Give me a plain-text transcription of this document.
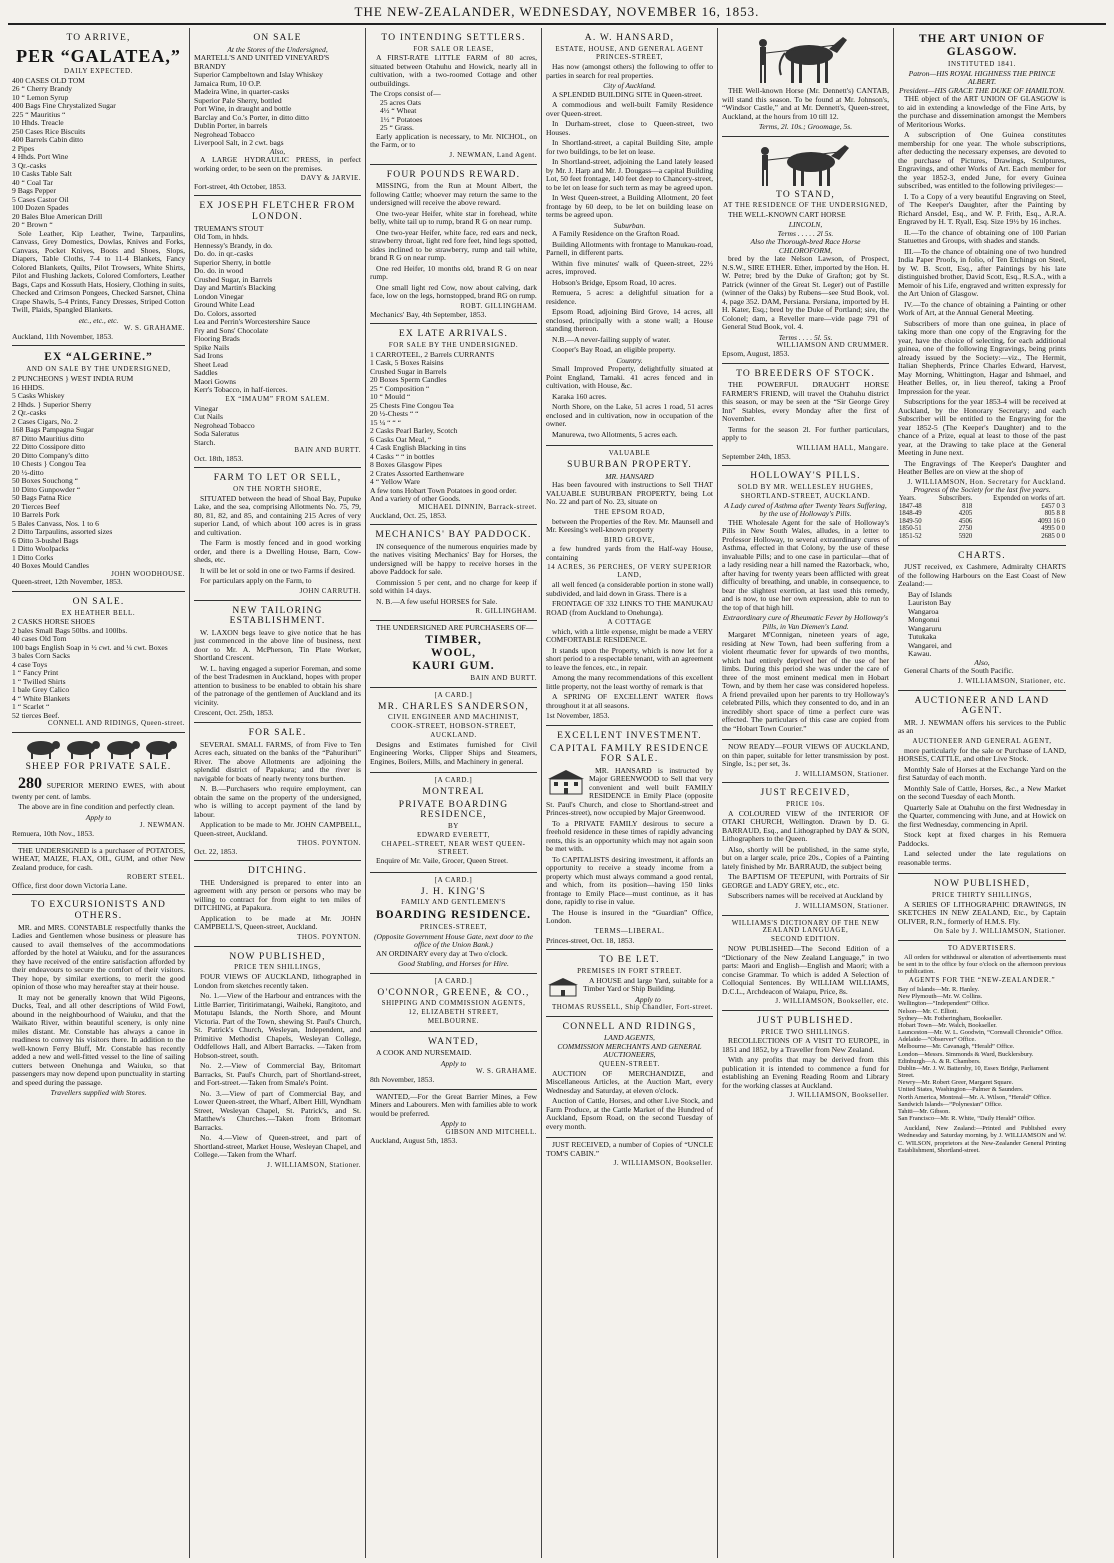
THE NEW-ZEALANDER, WEDNESDAY, NOVEMBER 16, 1853.
TO ARRIVE,
PER “GALATEA,”
DAILY EXPECTED.
400 CASES OLD TOM
26 “ Cherry Brandy
10 “ Lemon Syrup
400 Bags Fine Chrystalized Sugar
225 “ Mauritius “
10 Hhds. Treacle
250 Cases Rice Biscuits
400 Barrels Cabin ditto
2 Pipes
4 Hhds. Port Wine
3 Qr.-casks
10 Casks Table Salt
40 “ Coal Tar
9 Bags Pepper
5 Cases Castor Oil
100 Dozen Spades
20 Bales Blue American Drill
20 “ Brown “
Sole Leather, Kip Leather, Twine, Tarpaulins, Canvass, Grey Domestics, Dowlas, Knives and Forks, Canvass, Pocket Knives, Boots and Shoes, Slops, Diapers, Table Cloths, 7-4 to 11-4 Blankets, Fancy Colored Blankets, Quilts, Pilot Trowsers, White Shirts, Pilot and Flushing Jackets, Colored Comforters, Leather Bags, Caps and Kossuth Hats, Hosiery, Clothing in suits, Checked and Crimson Pongees, Checked Sarsnet, China Crape Shawls, 5-4 Prints, Fancy Dresses, Striped Cotton Twill, Plaids, Spangled Blankets.
etc., etc., etc.
W. S. GRAHAME.
Auckland, 11th November, 1853.
EX “ALGERINE.”
AND ON SALE BY THE UNDERSIGNED,
2 PUNCHEONS } WEST INDIA RUM
16 HHDS.
5 Casks Whiskey
2 Hhds. } Superior Sherry
2 Qr.-casks
2 Cases Cigars, No. 2
168 Bags Pampagna Sugar
87 Ditto Mauritius ditto
22 Ditto Cossipore ditto
20 Ditto Company's ditto
10 Chests } Congou Tea
20 ½-ditto
50 Boxes Souchong “
10 Ditto Gunpowder “
50 Bags Patna Rice
20 Tierces Beef
10 Barrels Pork
5 Bales Canvass, Nos. 1 to 6
2 Ditto Tarpaulins, assorted sizes
6 Ditto 3-bushel Bags
1 Ditto Woolpacks
1 Ditto Corks
40 Boxes Mould Candles
JOHN WOODHOUSE.
Queen-street, 12th November, 1853.
ON SALE.
EX HEATHER BELL.
2 CASKS HORSE SHOES
2 bales Small Bags 50lbs. and 100lbs.
40 cases Old Tom
100 bags English Soap in ½ cwt. and ¼ cwt. Boxes
3 bales Corn Sacks
4 case Toys
1 “ Fancy Print
1 “ Twilled Shirts
1 bale Grey Calico
4 “ White Blankets
1 “ Scarlet “
52 tierces Beef.
CONNELL AND RIDINGS, Queen-street.
SHEEP FOR PRIVATE SALE.
280 SUPERIOR MERINO EWES, with about twenty per cent. of lambs.
The above are in fine condition and perfectly clean.
Apply to
J. NEWMAN.
Remuera, 10th Nov., 1853.
THE UNDERSIGNED is a purchaser of POTATOES, WHEAT, MAIZE, FLAX, OIL, GUM, and other New Zealand produce, for cash.
ROBERT STEEL.
Office, first door down Victoria Lane.
TO EXCURSIONISTS AND OTHERS.
MR. and MRS. CONSTABLE respectfully thanks the Ladies and Gentlemen whose business or pleasure has caused to avail themselves of the accommodations afforded by the hotel at Waiuku, and for the assurances they have received of the entire satisfaction afforded by their endeavours to secure the comfort of their visitors. They hope, by similar exertions, to merit the good opinion of those who may hereafter stay at their house.
It may not be generally known that Wild Pigeons, Ducks, Teal, and all other descriptions of Wild Fowl, abound in the neighbourhood of Waiuku, and that the Waikato River, within beautiful scenery, is only nine miles distant. Mr. Constable has always a canoe in readiness to convey his visitors there. In addition to the well-known Ferry Bluff, Mr. Constable has recently added a new and well-fitted vessel to the line of sailing cutters between Onehunga and Waiuku, so that passengers may now depend upon punctuality in starting and speed during the passage.
Travellers supplied with Stores.
ON SALE
At the Stores of the Undersigned,
MARTELL'S AND UNITED VINEYARD'S BRANDY
Superior Campbeltown and Islay Whiskey
Jamaica Rum, 10 O.P.
Madeira Wine, in quarter-casks
Superior Pale Sherry, bottled
Port Wine, in draught and bottle
Barclay and Co.'s Porter, in ditto ditto
Dublin Porter, in barrels
Negrohead Tobacco
Liverpool Salt, in 2 cwt. bags
Also,
A LARGE HYDRAULIC PRESS, in perfect working order, to be seen on the premises.
DAVY & JARVIE.
Fort-street, 4th October, 1853.
EX JOSEPH FLETCHER FROM LONDON.
TRUEMAN'S STOUT
Old Tom, in hhds.
Hennessy's Brandy, in do.
Do. do. in qr.-casks
Superior Sherry, in bottle
Do. do. in wood
Crushed Sugar, in Barrels
Day and Martin's Blacking
London Vinegar
Ground White Lead
Do. Colors, assorted
Lea and Perrin's Worcestershire Sauce
Fry and Sons' Chocolate
Flooring Brads
Spike Nails
Sad Irons
Sheet Lead
Saddles
Maori Gowns
Kerr's Tobacco, in half-tierces.
EX “IMAUM” FROM SALEM.
Vinegar
Cut Nails
Negrohead Tobacco
Soda Saleratus
Starch.
BAIN AND BURTT.
Oct. 18th, 1853.
FARM TO LET OR SELL,
ON THE NORTH SHORE,
SITUATED between the head of Shoal Bay, Pupuke Lake, and the sea, comprising Allotments No. 75, 79, 80, 81, 82, and 85, and containing 215 Acres of very superior Land, of which about 100 acres is in grass and cultivation.
The Farm is mostly fenced and in good working order, and there is a Dwelling House, Barn, Cow-sheds, etc.
It will be let or sold in one or two Farms if desired.
For particulars apply on the Farm, to
JOHN CARRUTH.
NEW TAILORING ESTABLISHMENT.
W. LAXON begs leave to give notice that he has just commenced in the above line of business, next door to Mr. A. McPherson, Tin Plate Worker, Shortland Crescent.
W. L. having engaged a superior Foreman, and some of the best Tradesmen in Auckland, hopes with proper attention to business to be enabled to obtain his share of the patronage of the gentlemen of Auckland and its vicinity.
Crescent, Oct. 25th, 1853.
FOR SALE.
SEVERAL SMALL FARMS, of from Five to Ten Acres each, situated on the banks of the “Pahurihuri” River. The above Allotments are adjoining the splendid district of Papakura; and the river is navigable for boats of nearly twenty tons burthen.
N. B.—Purchasers who require employment, can obtain the same on the property of the undersigned, who is willing to accept payment of the land by labour.
Application to be made to Mr. JOHN CAMPBELL, Queen-street, Auckland.
THOS. POYNTON.
Oct. 22, 1853.
DITCHING.
THE Undersigned is prepared to enter into an agreement with any person or persons who may be willing to contract for from eight to ten miles of DITCHING, at Papakura.
Application to be made at Mr. JOHN CAMPBELL'S, Queen-street, Auckland.
THOS. POYNTON.
NOW PUBLISHED,
PRICE TEN SHILLINGS,
FOUR VIEWS OF AUCKLAND, lithographed in London from sketches recently taken.
No. 1.—View of the Harbour and entrances with the Little Barrier, Tiritirimatangi, Waiheki, Rangitoto, and Motutapu Islands, the North Shore, and Mount Victoria. Part of the Town, shewing St. Paul's Church, St. Patrick's Church, Wesleyan, Independent, and Primitive Methodist Chapels, Wesleyan College, Oddfellows Hall, and Albert Barracks. —Taken from Hobson-street, south.
No. 2.—View of Commercial Bay, Britomart Barracks, St. Paul's Church, part of Shortland-street, and Fort-street.—Taken from Smale's Point.
No. 3.—View of part of Commercial Bay, and Lower Queen-street, the Wharf, Albert Hill, Wyndham Street, Wesleyan Chapel, St. Patrick's, and St. Matthew's Churches.—Taken from Britomart Barracks.
No. 4.—View of Queen-street, and part of Shortland-street, Market House, Wesleyan Chapel, and College.—Taken from the Wharf.
J. WILLIAMSON, Stationer.
TO INTENDING SETTLERS.
FOR SALE OR LEASE,
A FIRST-RATE LITTLE FARM of 80 acres, situated between Otahuhu and Howick, nearly all in cultivation, with a two-roomed Cottage and other outbuildings.
The Crops consist of—
25 acres Oats
4½ “ Wheat
1½ “ Potatoes
25 “ Grass.
Early application is necessary, to Mr. NICHOL, on the Farm, or to
J. NEWMAN, Land Agent.
FOUR POUNDS REWARD.
MISSING, from the Run at Mount Albert, the following Cattle; whoever may return the same to the undersigned will receive the above reward.
One two-year Heifer, white star in forehead, white belly, white tail up to rump, brand R G on near rump.
One two-year Heifer, white face, red ears and neck, strawberry throat, light red fore feet, hind legs spotted, sides inclined to be strawberry, rump and tail white, brand R G on near rump.
One red Heifer, 10 months old, brand R G on near rump.
One small light red Cow, now about calving, dark face, low on the legs, hornstopped, brand RG on rump.
ROBT. GILLINGHAM.
Mechanics' Bay, 4th September, 1853.
EX LATE ARRIVALS.
FOR SALE BY THE UNDERSIGNED.
1 CARROTEEL, 2 Barrels CURRANTS
1 Cask, 5 Boxes Raisins
Crushed Sugar in Barrels
20 Boxes Sperm Candles
25 “ Composition “
10 “ Mould “
25 Chests Fine Congou Tea
20 ½-Chests “ “
15 ¼ “ “ “
2 Casks Pearl Barley, Scotch
6 Casks Oat Meal, “
4 Cask English Blacking in tins
4 Casks “ “ in bottles
8 Boxes Glasgow Pipes
2 Crates Assorted Earthenware
4 “ Yellow Ware
A few tons Hobart Town Potatoes in good order.
And a variety of other Goods.
MICHAEL DINNIN, Barrack-street.
Auckland, Oct. 25, 1853.
MECHANICS' BAY PADDOCK.
IN consequence of the numerous enquiries made by the natives visiting Mechanics' Bay for Horses, the undersigned will be happy to receive horses in the above Paddock for sale.
Commission 5 per cent, and no charge for keep if sold within 14 days.
N. B.—A few useful HORSES for Sale.
R. GILLINGHAM.
THE UNDERSIGNED ARE PURCHASERS OF—
TIMBER,
WOOL,
KAURI GUM.
BAIN AND BURTT.
[A CARD.]
MR. CHARLES SANDERSON,
CIVIL ENGINEER AND MACHINIST,
COOK-STREET, HOBSON-STREET,
AUCKLAND.
Designs and Estimates furnished for Civil Engineering Works, Clipper Ships and Steamers, Engines, Boilers, Mills, and Machinery in general.
[A CARD.]
MONTREAL
PRIVATE BOARDING RESIDENCE,
BY
EDWARD EVERETT,
CHAPEL-STREET, NEAR WEST QUEEN-STREET.
Enquire of Mr. Vaile, Grocer, Queen Street.
[A CARD.]
J. H. KING'S
FAMILY AND GENTLEMEN'S
BOARDING RESIDENCE.
PRINCES-STREET,
(Opposite Government House Gate, next door to the office of the Union Bank.)
AN ORDINARY every day at Two o'clock.
Good Stabling, and Horses for Hire.
[A CARD.]
O'CONNOR, GREENE, & CO.,
SHIPPING AND COMMISSION AGENTS,
12, ELIZABETH STREET,
MELBOURNE.
WANTED,
A COOK AND NURSEMAID.
Apply to
W. S. GRAHAME.
8th November, 1853.
WANTED,—For the Great Barrier Mines, a Few Miners and Labourers. Men with families able to work would be preferred.
Apply to
GIBSON AND MITCHELL.
Auckland, August 5th, 1853.
A. W. HANSARD,
ESTATE, HOUSE, AND GENERAL AGENT
PRINCES-STREET,
Has now (amongst others) the following to offer to parties in search for real properties.
City of Auckland.
A SPLENDID BUILDING SITE in Queen-street.
A commodious and well-built Family Residence over Queen-street.
In Durham-street, close to Queen-street, two Houses.
In Shortland-street, a capital Building Site, ample for two buildings, to be let on lease.
In Shortland-street, adjoining the Land lately leased by Mr. J. Harp and Mr. J. Dougass—a capital Building Lot, 50 feet frontage, 140 feet deep to Chancery-street, to be let on lease for such term as may be agreed upon.
In West Queen-street, a Building Allotment, 20 feet frontage by 60 deep, to be let on building lease on terms be agreed upon.
Suburban.
A Family Residence on the Grafton Road.
Building Allotments with frontage to Manukau-road, Parnell, in different parts.
Within five minutes' walk of Queen-street, 22½ acres, improved.
Hobson's Bridge, Epsom Road, 10 acres.
Remuera, 5 acres: a delightful situation for a residence.
Epsom Road, adjoining Bird Grove, 14 acres, all enclosed, principally with a stone wall; a House standing thereon.
N.B.—A never-failing supply of water.
Cooper's Bay Road, an eligible property.
Country.
Small Improved Property, delightfully situated at Point England, Tamaki. 41 acres fenced and in cultivation, with House, &c.
Karaka 160 acres.
North Shore, on the Lake, 51 acres 1 road, 51 acres enclosed and in cultivation, now in occupation of the owner.
Manurewa, two Allotments, 5 acres each.
VALUABLE
SUBURBAN PROPERTY.
MR. HANSARD
Has been favoured with instructions to Sell THAT VALUABLE SUBURBAN PROPERTY, being Lot No. 22 and part of No. 23, situate on
THE EPSOM ROAD,
between the Properties of the Rev. Mr. Maunsell and Mr. Keesing's well-known property
BIRD GROVE,
a few hundred yards from the Half-way House, containing
14 ACRES, 36 PERCHES, OF VERY SUPERIOR LAND,
all well fenced (a considerable portion in stone wall) subdivided, and laid down in Grass. There is a
FRONTAGE OF 332 LINKS TO THE MANUKAU ROAD (from Auckland to Onehunga).
A COTTAGE
which, with a little expense, might be made a VERY COMFORTABLE RESIDENCE.
It stands upon the Property, which is now let for a short period to a respectable tenant, with an agreement to leave the fences, etc., in repair.
Among the many recommendations of this excellent little property, not the least worthy of remark is that
A SPRING OF EXCELLENT WATER flows throughout it at all seasons.
1st November, 1853.
EXCELLENT INVESTMENT.
CAPITAL FAMILY RESIDENCE FOR SALE.
MR. HANSARD is instructed by Major GREENWOOD to Sell that very convenient and well built FAMILY RESIDENCE in Emily Place (opposite St. Paul's Church, and close to Shortland-street and Princes-street), now occupied by Major Greenwood.
To a PRIVATE FAMILY desirous to secure a freehold residence in these times of rapidly advancing rents, this is an opportunity which may not again soon be met with.
To CAPITALISTS desiring investment, it affords an opportunity to receive a steady income from a property which must always command a good rental, and which, from its position—having 150 links frontage to Emily Place—must continue, as it has done, rapidly to rise in value.
The House is insured in the “Guardian” Office, London.
TERMS—LIBERAL.
Princes-street, Oct. 18, 1853.
TO BE LET.
PREMISES IN FORT STREET.
A HOUSE and large Yard, suitable for a Timber Yard or Ship Building.
Apply to
THOMAS RUSSELL, Ship Chandler, Fort-street.
CONNELL AND RIDINGS,
LAND AGENTS,
COMMISSION MERCHANTS AND GENERAL AUCTIONEERS,
QUEEN-STREET.
AUCTION OF MERCHANDIZE, and Miscellaneous Articles, at the Auction Mart, every Wednesday and Saturday, at eleven o'clock.
Auction of Cattle, Horses, and other Live Stock, and Farm Produce, at the Cattle Market of the Hundred of Auckland, Epsom Road, on the second Tuesday of every month.
JUST RECEIVED, a number of Copies of “UNCLE TOM'S CABIN.”
J. WILLIAMSON, Bookseller.
THE Well-known Horse (Mr. Dennett's) CANTAB, will stand this season. To be found at Mr. Johnson's, “Windsor Castle,” and at Mr. Dennett's, Queen-street, Auckland, at the hours from 10 till 12.
Terms, 2l. 10s.; Groomage, 5s.
TO STAND,
AT THE RESIDENCE OF THE UNDERSIGNED,
THE WELL-KNOWN CART HORSE
LINCOLN,
Terms . . . . . 2l 5s.
Also the Thorough-bred Race Horse
CHLOROFORM,
bred by the late Nelson Lawson, of Prospect, N.S.W., SIRE ETHER. Ether, imported by the Hon. H. W. Petre; bred by the Duke of Grafton; got by St. Patrick (winner of the Great St. Leger) out of Pastille (winner of the Oaks) by Rubens—see Stud Book, vol. 4, page 352. DAM, Persiana. Persiana, imported by H. H. Kater, Esq.; bred by the Duke of Portland; sire, the Colonel; dam, a Reveller mare—vide page 791 of General Stud Book, vol. 4.
Terms . . . . 5l. 5s.
WILLIAMSON AND CRUMMER.
Epsom, August, 1853.
TO BREEDERS OF STOCK.
THE POWERFUL DRAUGHT HORSE FARMER'S FRIEND, will travel the Otahuhu district this season, or may be seen at the “Sir George Grey Inn” Stables, every Monday after the first of November.
Terms for the season 2l. For further particulars, apply to
WILLIAM HALL, Mangare.
September 24th, 1853.
HOLLOWAY'S PILLS.
SOLD BY MR. WELLESLEY HUGHES,
SHORTLAND-STREET, AUCKLAND.
A Lady cured of Asthma after Twenty Years Suffering, by the use of Holloway's Pills.
THE Wholesale Agent for the sale of Holloway's Pills in New South Wales, alludes, in a letter to Professor Holloway, to several extraordinary cures of Asthma, effected in that Colony, by the use of these invaluable Pills; and to one case in particular—that of a lady residing near a hill named the Razorback, who, after having for twenty years been afflicted with great difficulty of breathing, and unable, in consequence, to bear the slightest exertion, at last used this remedy, and is now, to use her own expression, able to run to the top of that high hill.
Extraordinary cure of Rheumatic Fever by Holloway's Pills, in Van Diemen's Land.
Margaret M'Connigan, nineteen years of age, residing at New Town, had been suffering from a violent rheumatic fever for upwards of two months, which had entirely deprived her of the use of her limbs. During this period she was under the care of three of the most eminent medical men in Hobart Town, and by them her case was considered hopeless. A friend prevailed upon her parents to try Holloway's celebrated Pills, which they consented to do, and in an incredibly short space of time a perfect cure was effected. The particulars of this case are copied from the “Hobart Town Courier.”
NOW READY—FOUR VIEWS OF AUCKLAND, on thin paper, suitable for letter transmission by post. Single, 1s.; per set, 3s.
J. WILLIAMSON, Stationer.
JUST RECEIVED,
PRICE 10s.
A COLOURED VIEW of the INTERIOR OF OTAKI CHURCH, Wellington. Drawn by D. G. BARRAUD, Esq., and Lithographed by DAY & SON, Lithographers to the Queen.
Also, shortly will be published, in the same style, but on a larger scale, price 20s., Copies of a Painting lately finished by Mr. BARRAUD, the subject being
The BAPTISM OF TE'EPUNI, with Portraits of Sir GEORGE and LADY GREY, etc., etc.
Subscribers names will be received at Auckland by
J. WILLIAMSON, Stationer.
WILLIAMS'S DICTIONARY OF THE NEW ZEALAND LANGUAGE,
SECOND EDITION.
NOW PUBLISHED—The Second Edition of a “Dictionary of the New Zealand Language,” in two parts: Maori and English—English and Maori; with a concise Grammar. To which is added A Selection of Colloquial Sentences. By WILLIAM WILLIAMS, D.C.L., Archdeacon of Waiapu, Price, 8s.
J. WILLIAMSON, Bookseller, etc.
JUST PUBLISHED.
PRICE TWO SHILLINGS.
RECOLLECTIONS OF A VISIT TO EUROPE, in 1851 and 1852, by a Traveller from New Zealand.
With any profits that may be derived from this publication it is intended to commence a fund for establishing an Evening Reading Room and Library for the working classes at Auckland.
J. WILLIAMSON, Bookseller.
THE ART UNION OF GLASGOW.
INSTITUTED 1841.
Patron—HIS ROYAL HIGHNESS THE PRINCE ALBERT.
President—HIS GRACE THE DUKE OF HAMILTON.
THE object of the ART UNION OF GLASGOW is to aid in extending a knowledge of the Fine Arts, by the purchase and dissemination amongst the Members of Meritorious Works.
A subscription of One Guinea constitutes membership for one year. The whole subscriptions, after deducting the necessary expenses, are devoted to the purchase of Pictures, Drawings, Sculptures, Engravings, and other Works of Art. Each member for the year 1852-3, ended June, for every Guinea subscribed, was entitled to the following privileges:—
I. To a Copy of a very beautiful Engraving on Steel, of The Keeper's Daughter, after the Painting by Richard Ansdel, Esq., and W. P. Frith, Esq., A.R.A. Engraved by H. T. Ryall, Esq. Size 19½ by 16 inches.
II.—To the chance of obtaining one of 100 Parian Statuettes and Groups, with shades and stands.
III.—To the chance of obtaining one of two hundred India Paper Proofs, in folio, of Ten Etchings on Steel, by W. B. Scott, Esq., after Paintings by his late distinguished brother, David Scott, Esq., R.S.A., with a Memoir of his Life, engraved and written expressly for the Art Union of Glasgow.
IV.—To the chance of obtaining a Painting or other Work of Art, at the Annual General Meeting.
Subscribers of more than one guinea, in place of taking more than one copy of the Engraving for the year, have the choice of selecting, for each additional guinea, one of the following Engravings, being prints already issued by the Society:—viz., The Hermit, Italian Shepherds, Prince Charles Edward, Harvest, May Morning, Whittington, Hagar and Ishmael, and Heather Belles, or, in lieu thereof, taking a Proof Impression for the year.
Subscriptions for the year 1853-4 will be received at Auckland, by the Honorary Secretary; and each Subscriber will be entitled to the Engraving for the year 1852-5 (The Keeper's Daughter) and to the chance of a Prize, equal at least to those of the past year, at the Drawing to take place at the General Meeting in June next.
The Engravings of The Keeper's Daughter and Heather Belles are on view at the shop of
J. WILLIAMSON, Hon. Secretary for Auckland.
Progress of the Society for the last five years.
Years.	Subscribers.	Expended on works of art.
1847-48	818	£457 0 3
1848-49	4205	805 8 8
1849-50	4506	4093 16 0
1850-51	2750	4995 0 0
1851-52	5920	2685 0 0
CHARTS.
JUST received, ex Cashmere, Admiralty CHARTS of the following Harbours on the East Coast of New Zealand:—
Bay of Islands
Lauriston Bay
Wangaroa
Mongonui
Wangaruru
Tutukaka
Wangarei, and
Kawau.
Also,
General Charts of the South Pacific.
J. WILLIAMSON, Stationer, etc.
AUCTIONEER AND LAND AGENT.
MR. J. NEWMAN offers his services to the Public as an
AUCTIONEER AND GENERAL AGENT,
more particularly for the sale or Purchase of LAND, HORSES, CATTLE, and other Live Stock.
Monthly Sale of Horses at the Exchange Yard on the first Saturday of each month.
Monthly Sale of Cattle, Horses, &c., a New Market on the second Tuesday of each Month.
Quarterly Sale at Otahuhu on the first Wednesday in the Quarter, commencing with June, and at Howick on the first Wednesday, commencing in April.
Stock kept at fixed charges in his Remuera Paddocks.
Land selected under the late regulations on reasonable terms.
NOW PUBLISHED,
PRICE THIRTY SHILLINGS,
A SERIES OF LITHOGRAPHIC DRAWINGS, IN SKETCHES IN NEW ZEALAND, Etc., by Captain OLIVER, R.N., formerly of H.M.S. Fly.
On Sale by J. WILLIAMSON, Stationer.
TO ADVERTISERS.
All orders for withdrawal or alteration of advertisements must be sent in to the office by four o'clock on the afternoon previous to publication.
AGENTS FOR THE “NEW-ZEALANDER.”
Bay of Islands—Mr. R. Hanley.
New Plymouth—Mr. W. Collins.
Wellington—“Independent” Office.
Nelson—Mr. C. Elliott.
Sydney—Mr. Fotheringham, Bookseller.
Hobart Town—Mr. Walch, Bookseller.
Launceston—Mr. W. L. Goodwin, “Cornwall Chronicle” Office.
Adelaide—“Observer” Office.
Melbourne—Mr. Cavanagh, “Herald” Office.
London—Messrs. Simmonds & Ward, Bucklersbury.
Edinburgh—A. & R. Chambers.
Dublin—Mr. J. W. Battersby, 10, Essex Bridge, Parliament Street.
Newry—Mr. Robert Greer, Margaret Square.
United States, Washington—Palmer & Saunders.
North America, Montreal—Mr. A. Wilson, “Herald” Office.
Sandwich Islands—“Polynesian” Office.
Tahiti—Mr. Gibson.
San Francisco—Mr. R. White, “Daily Herald” Office.
Auckland, New Zealand:—Printed and Published every Wednesday and Saturday morning, by J. WILLIAMSON and W. C. WILSON, proprietors at the New-Zealander General Printing Establishment, Shortland-street.
